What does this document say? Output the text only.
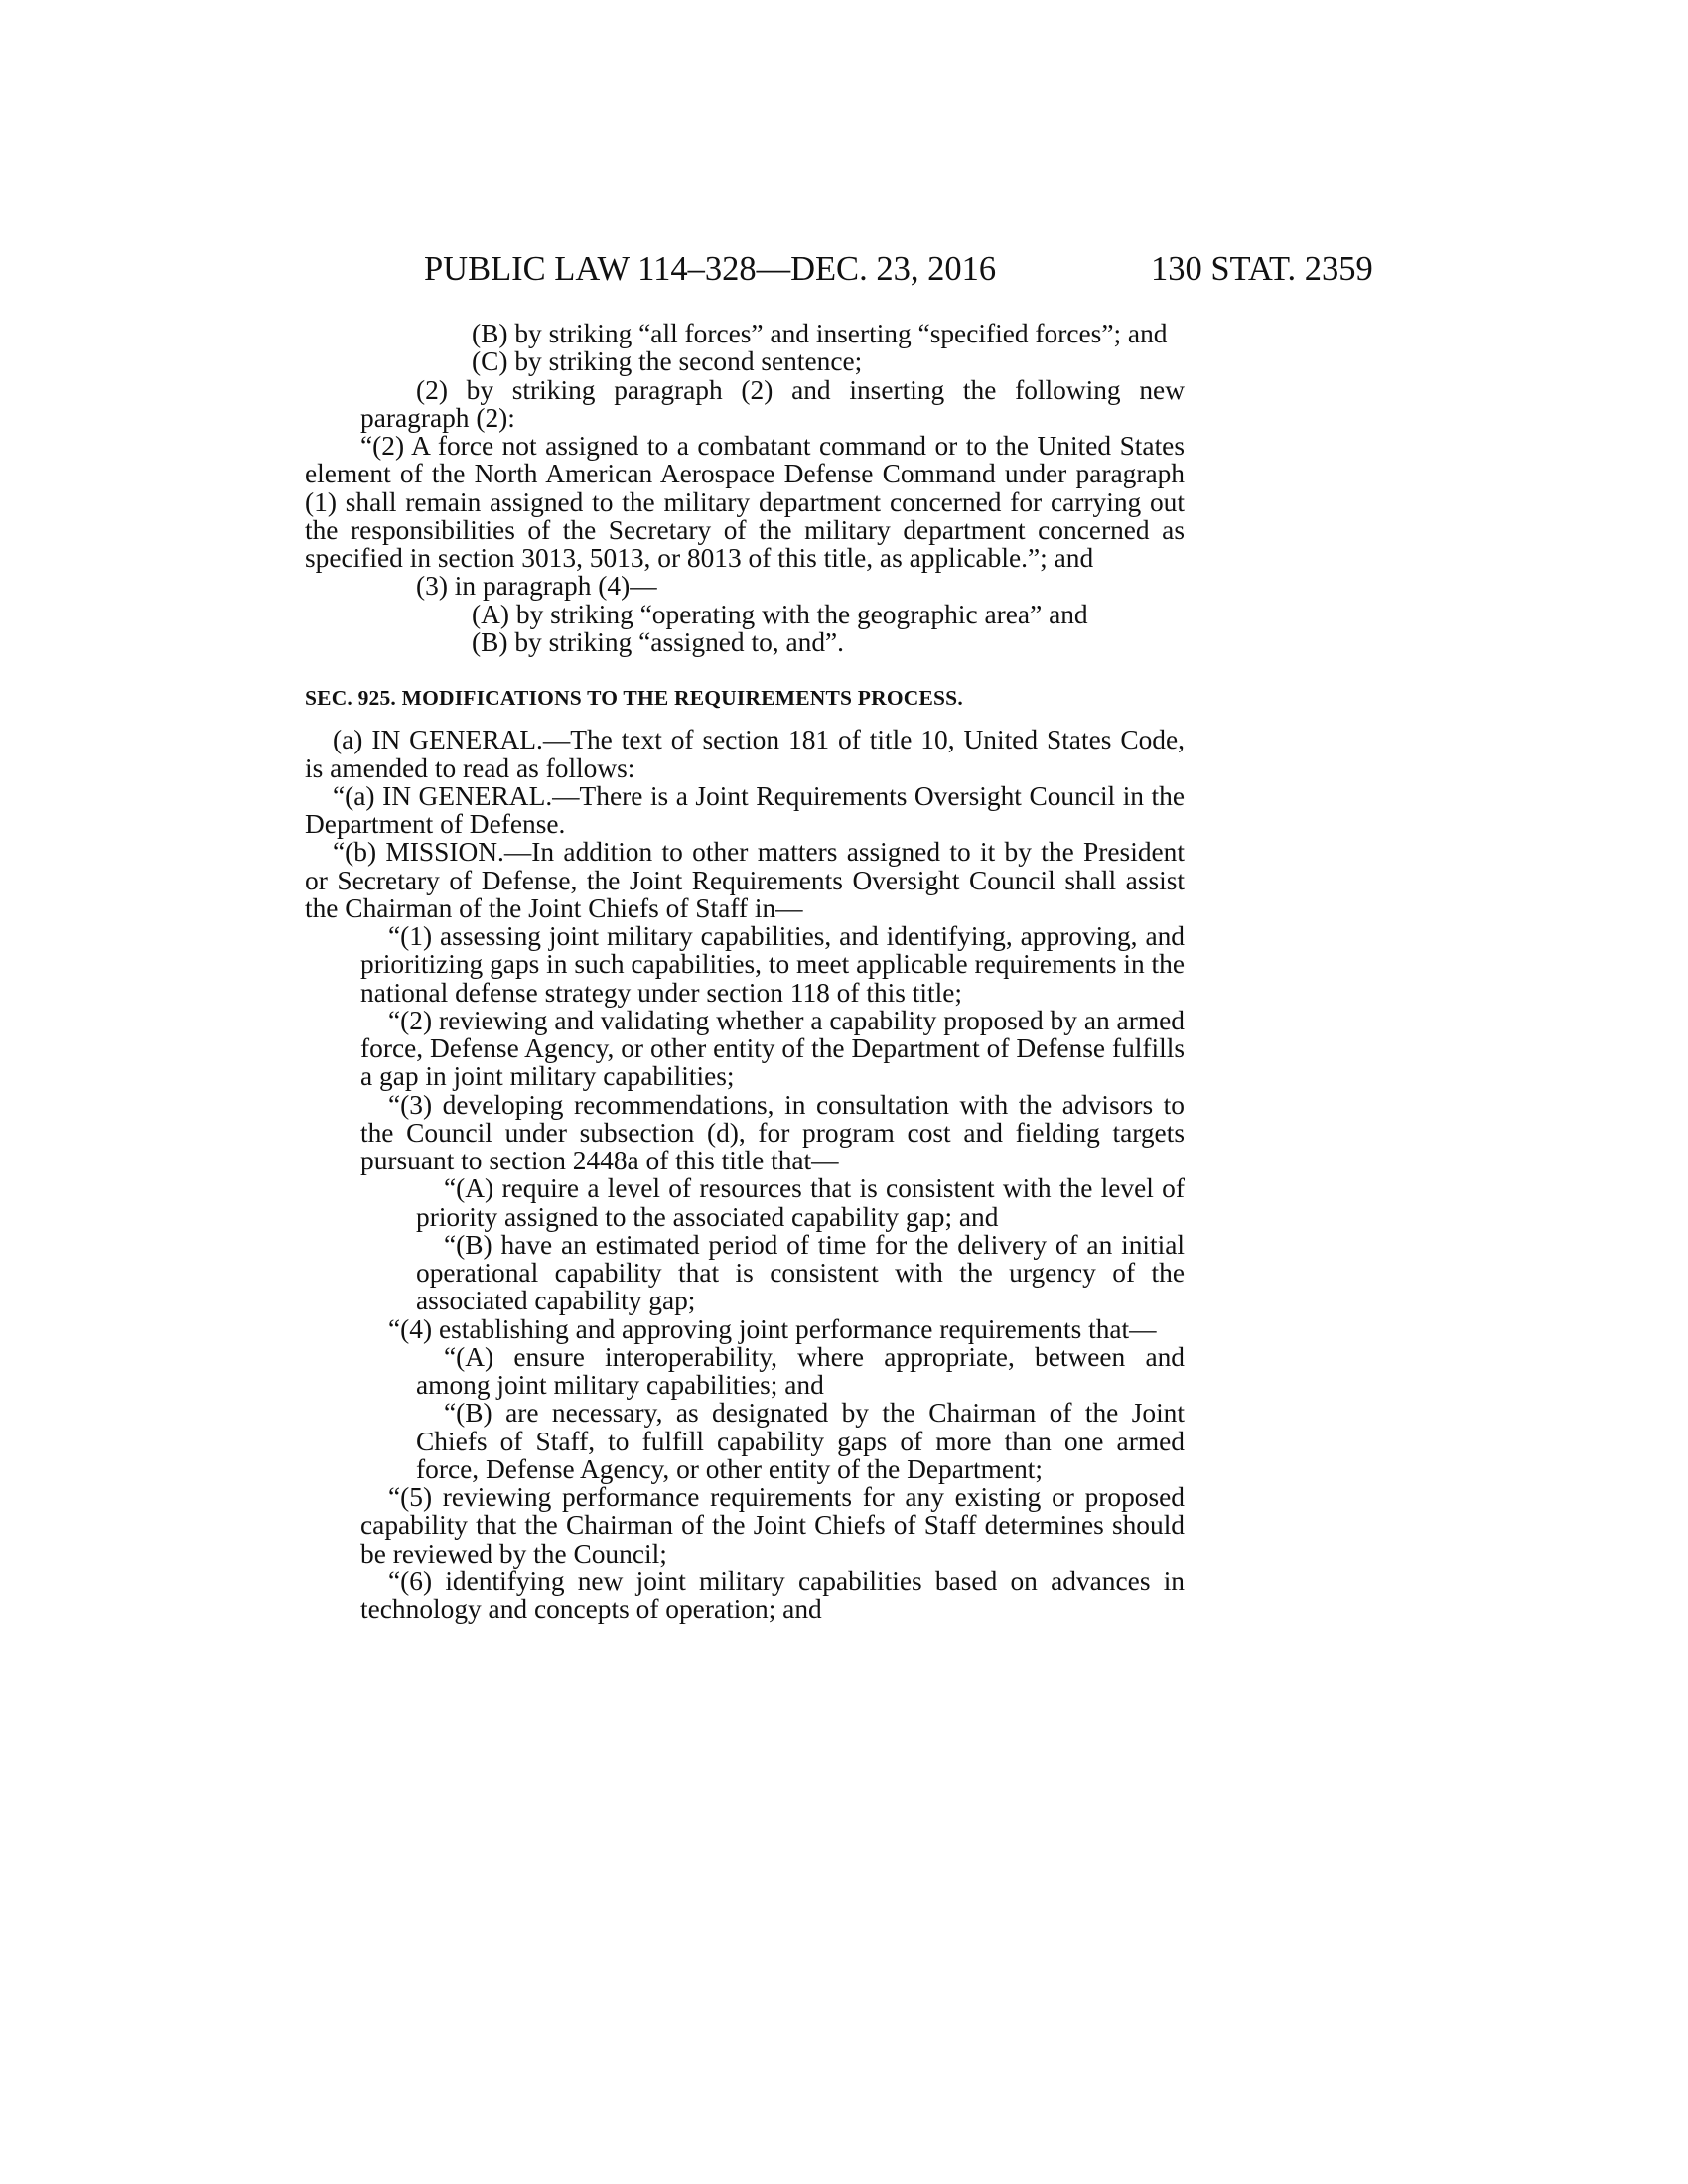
PUBLIC LAW 114–328—DEC. 23, 2016	130 STAT. 2359

(B) by striking “all forces” and inserting “specified forces”; and

(C) by striking the second sentence;

(2) by striking paragraph (2) and inserting the following new paragraph (2):

“(2) A force not assigned to a combatant command or to the United States element of the North American Aerospace Defense Command under paragraph (1) shall remain assigned to the military department concerned for carrying out the responsibilities of the Secretary of the military department concerned as specified in section 3013, 5013, or 8013 of this title, as applicable.”; and

(3) in paragraph (4)—

(A) by striking “operating with the geographic area” and

(B) by striking “assigned to, and”.

SEC. 925. MODIFICATIONS TO THE REQUIREMENTS PROCESS.

(a) IN GENERAL.—The text of section 181 of title 10, United States Code, is amended to read as follows:

“(a) IN GENERAL.—There is a Joint Requirements Oversight Council in the Department of Defense.

“(b) MISSION.—In addition to other matters assigned to it by the President or Secretary of Defense, the Joint Requirements Oversight Council shall assist the Chairman of the Joint Chiefs of Staff in—

“(1) assessing joint military capabilities, and identifying, approving, and prioritizing gaps in such capabilities, to meet applicable requirements in the national defense strategy under section 118 of this title;

“(2) reviewing and validating whether a capability proposed by an armed force, Defense Agency, or other entity of the Department of Defense fulfills a gap in joint military capabilities;

“(3) developing recommendations, in consultation with the advisors to the Council under subsection (d), for program cost and fielding targets pursuant to section 2448a of this title that—

“(A) require a level of resources that is consistent with the level of priority assigned to the associated capability gap; and

“(B) have an estimated period of time for the delivery of an initial operational capability that is consistent with the urgency of the associated capability gap;

“(4) establishing and approving joint performance requirements that—

“(A) ensure interoperability, where appropriate, between and among joint military capabilities; and

“(B) are necessary, as designated by the Chairman of the Joint Chiefs of Staff, to fulfill capability gaps of more than one armed force, Defense Agency, or other entity of the Department;

“(5) reviewing performance requirements for any existing or proposed capability that the Chairman of the Joint Chiefs of Staff determines should be reviewed by the Council;

“(6) identifying new joint military capabilities based on advances in technology and concepts of operation; and
